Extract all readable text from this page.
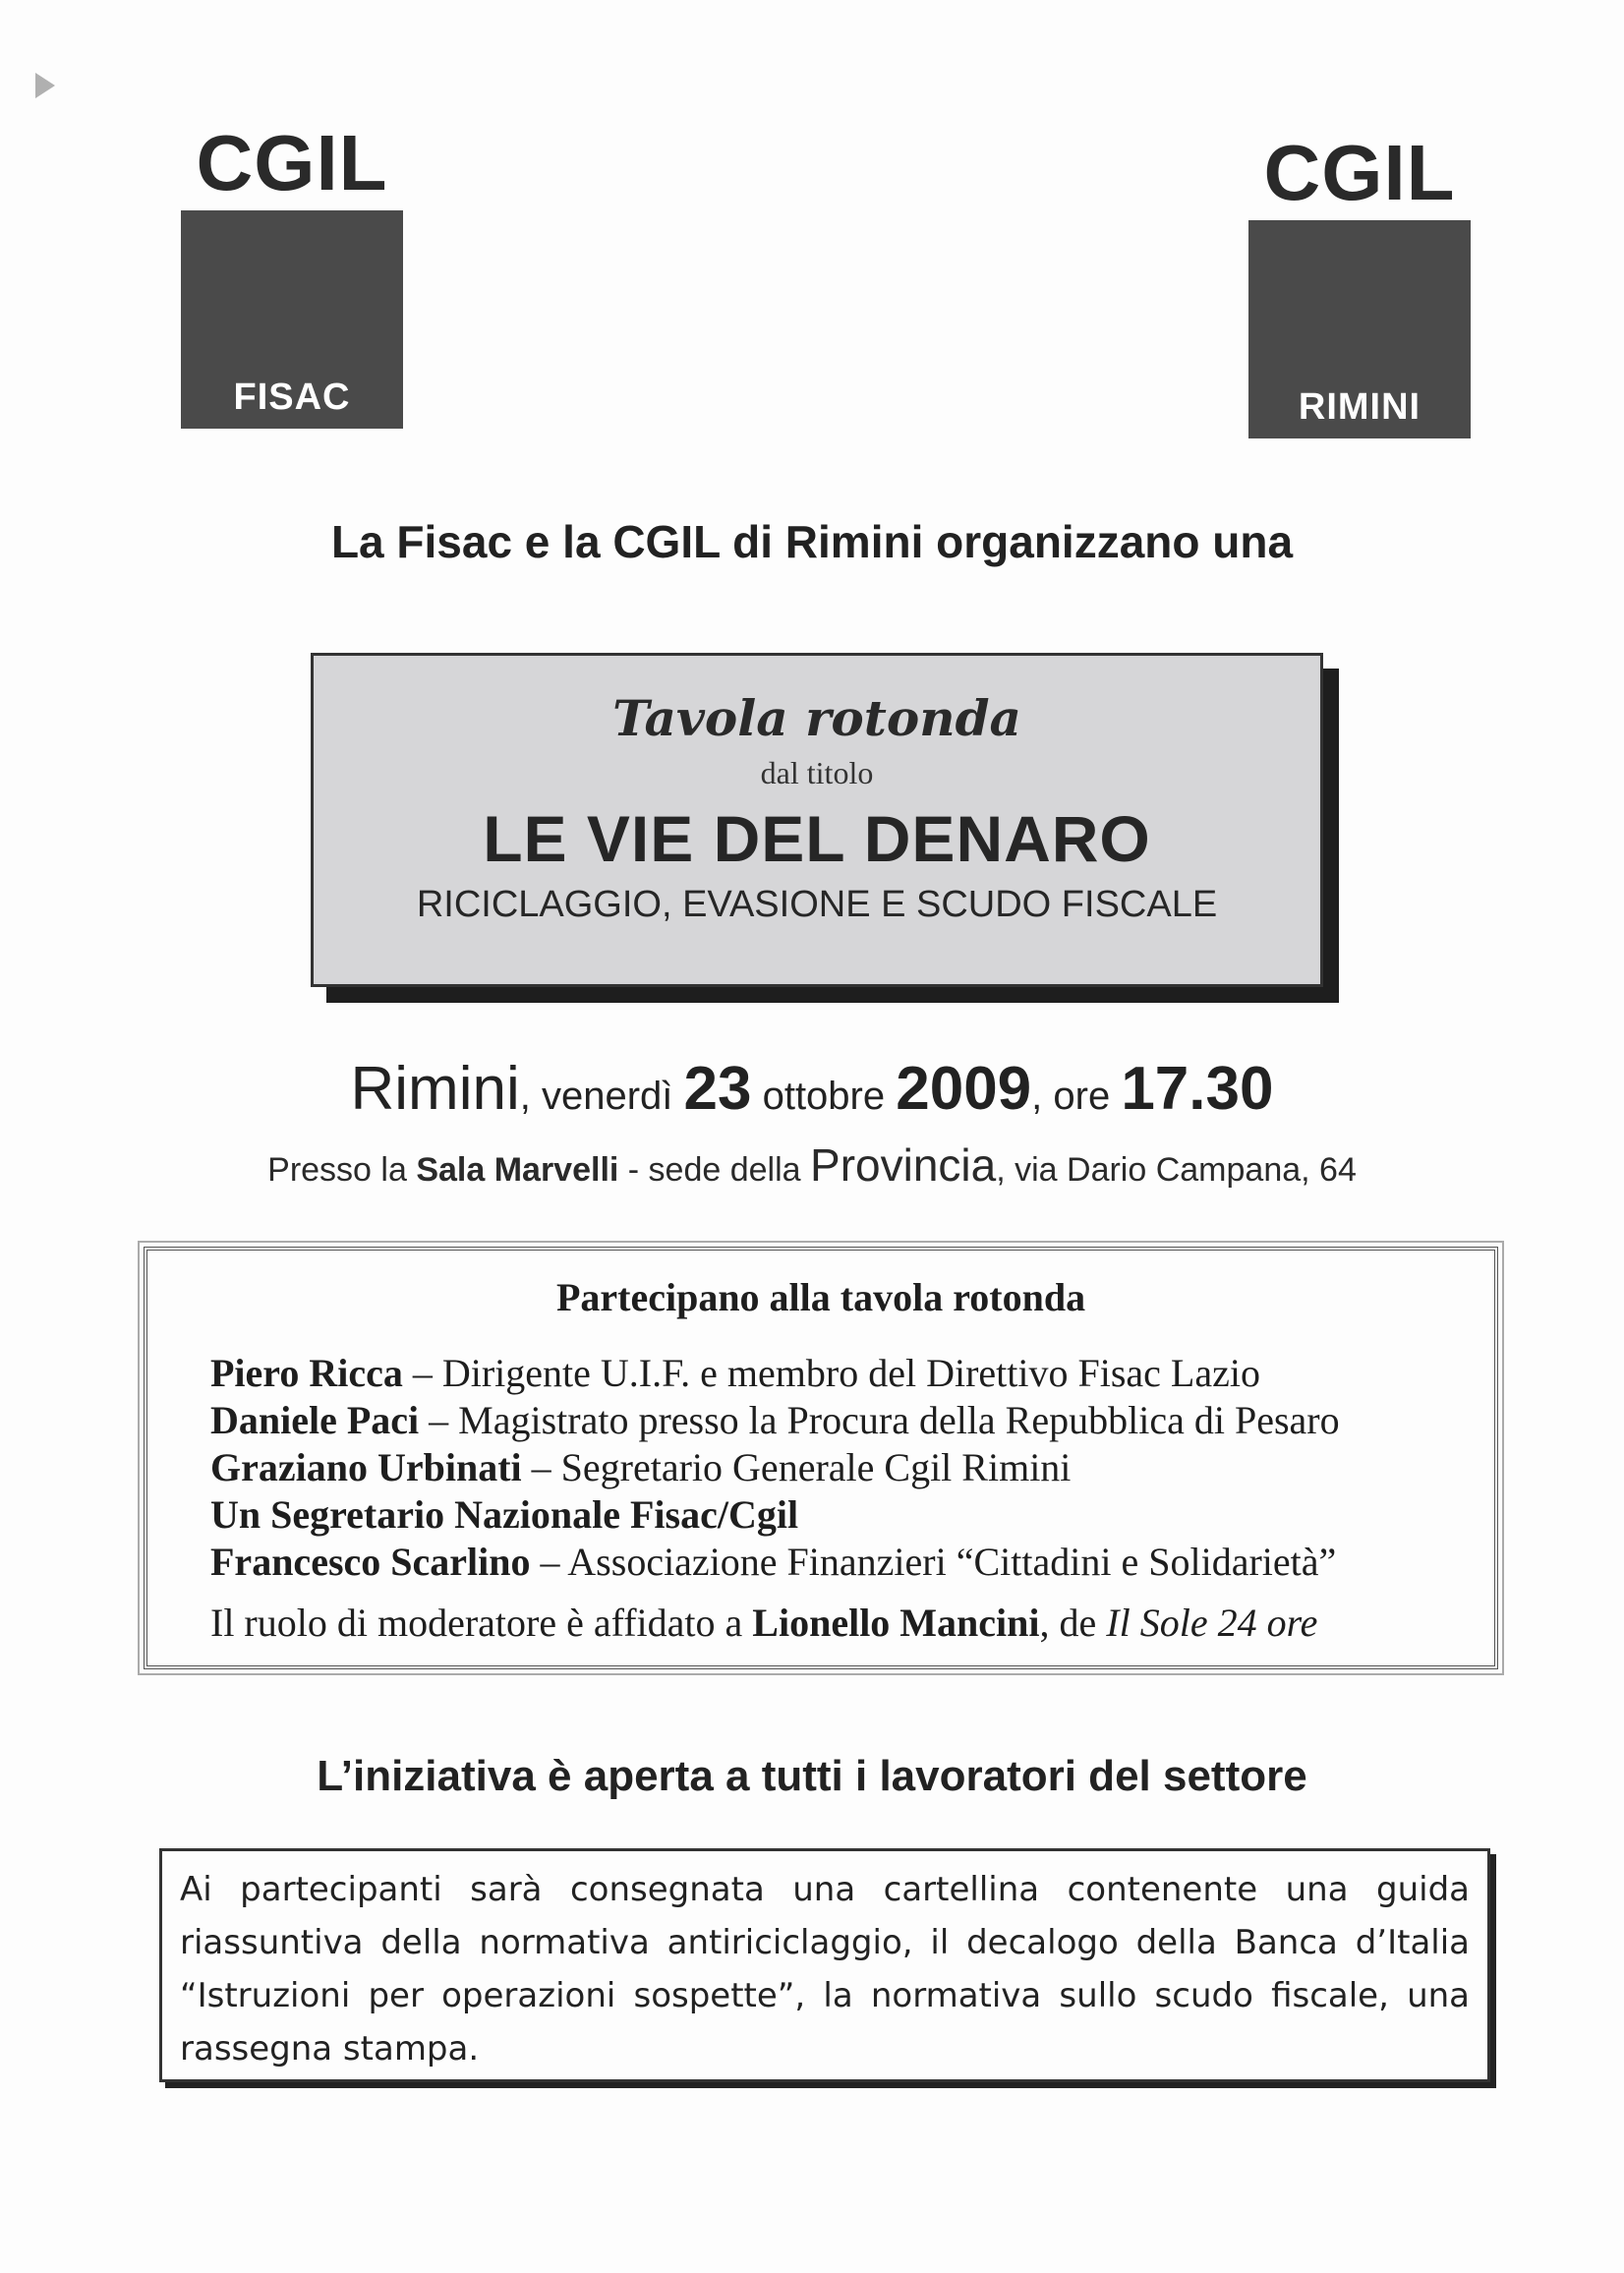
CGIL
FISAC
CGIL
RIMINI
La Fisac e la CGIL di Rimini organizzano una
Tavola rotonda
dal titolo
LE VIE DEL DENARO
RICICLAGGIO, EVASIONE E SCUDO FISCALE
Rimini, venerdì 23 ottobre 2009, ore 17.30
Presso la Sala Marvelli - sede della Provincia, via Dario Campana, 64
Partecipano alla tavola rotonda
Piero Ricca – Dirigente U.I.F. e membro del Direttivo Fisac Lazio
Daniele Paci – Magistrato presso la Procura della Repubblica di Pesaro
Graziano Urbinati – Segretario Generale Cgil Rimini
Un Segretario Nazionale Fisac/Cgil
Francesco Scarlino – Associazione Finanzieri “Cittadini e Solidarietà”
Il ruolo di moderatore è affidato a Lionello Mancini, de Il Sole 24 ore
L’iniziativa è aperta a tutti i lavoratori del settore
Ai partecipanti sarà consegnata una cartellina contenente una guida riassuntiva della normativa antiriciclaggio, il decalogo della Banca d’Italia “Istruzioni per operazioni sospette”, la normativa sullo scudo fiscale, una rassegna stampa.
